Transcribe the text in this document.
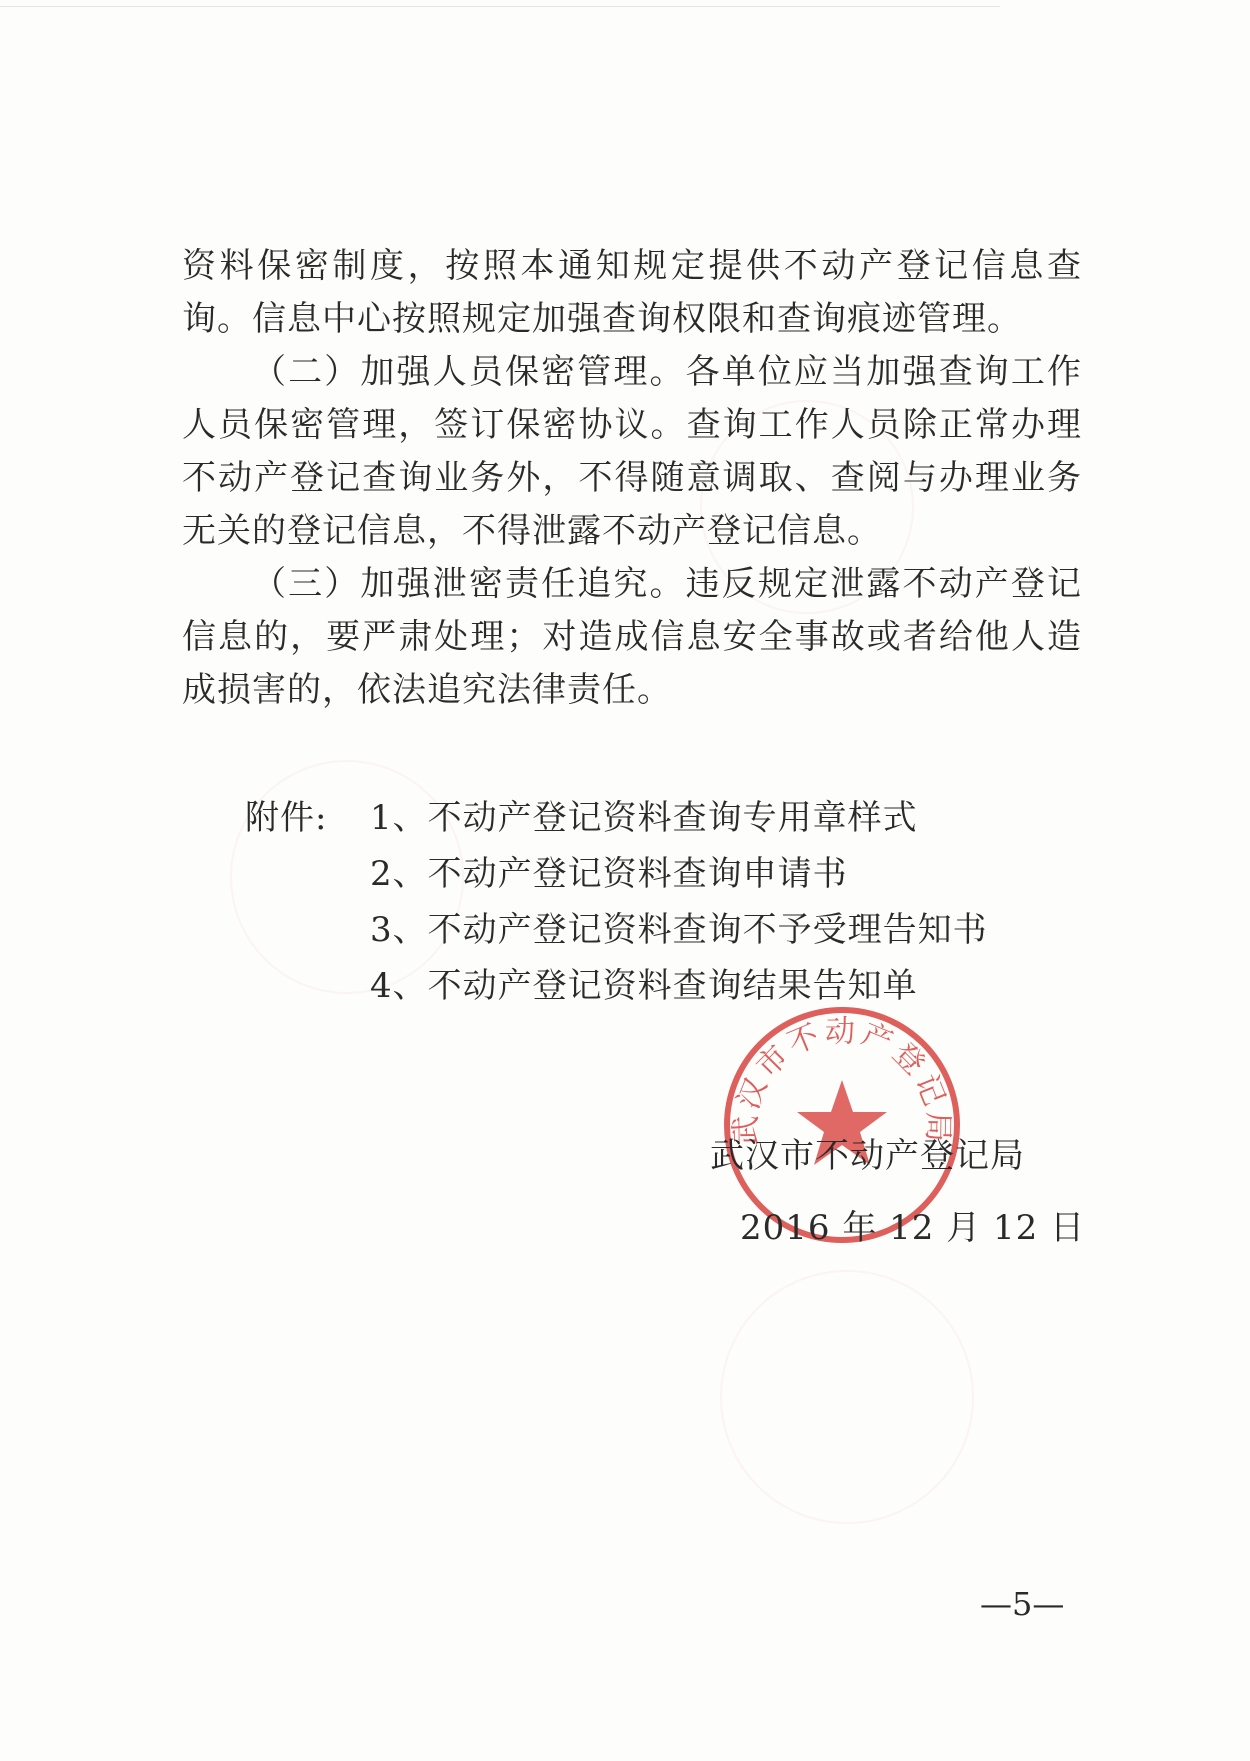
资料保密制度，按照本通知规定提供不动产登记信息查询。信息中心按照规定加强查询权限和查询痕迹管理。

（二）加强人员保密管理。各单位应当加强查询工作人员保密管理，签订保密协议。查询工作人员除正常办理不动产登记查询业务外，不得随意调取、查阅与办理业务无关的登记信息，不得泄露不动产登记信息。

（三）加强泄密责任追究。违反规定泄露不动产登记信息的，要严肃处理；对造成信息安全事故或者给他人造成损害的，依法追究法律责任。

附件:	1、不动产登记资料查询专用章样式
2、不动产登记资料查询申请书
3、不动产登记资料查询不予受理告知书
4、不动产登记资料查询结果告知单
武汉市不动产登记局
武汉市不动产登记局
2016 年 12 月 12 日
—5—
